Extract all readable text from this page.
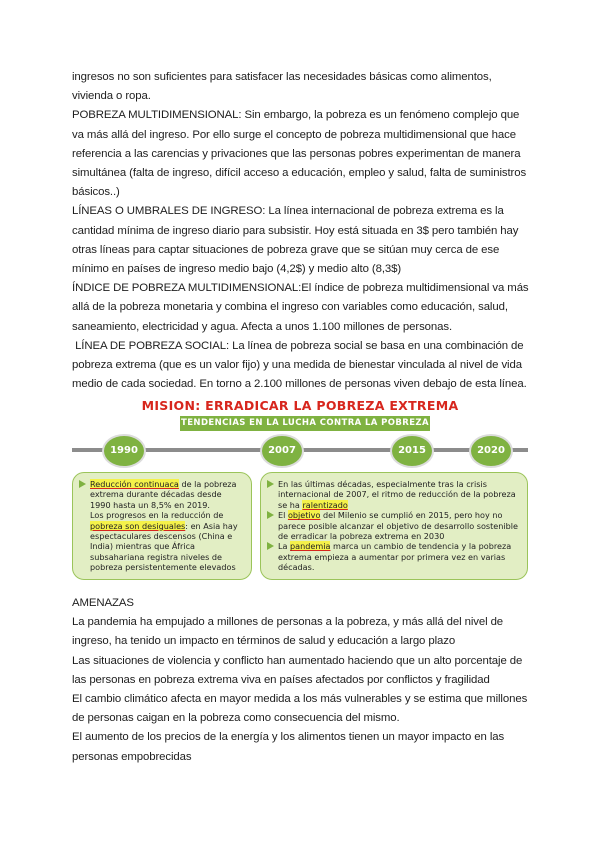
ingresos no son suficientes para satisfacer las necesidades básicas como alimentos,

vivienda o ropa.

POBREZA MULTIDIMENSIONAL: Sin embargo, la pobreza es un fenómeno complejo que

va más allá del ingreso. Por ello surge el concepto de pobreza multidimensional que hace

referencia a las carencias y privaciones que las personas pobres experimentan de manera

simultánea (falta de ingreso, difícil acceso a educación, empleo y salud, falta de suministros

básicos..)

LÍNEAS O UMBRALES DE INGRESO: La línea internacional de pobreza extrema es la

cantidad mínima de ingreso diario para subsistir. Hoy está situada en 3$ pero también hay

otras líneas para captar situaciones de pobreza grave que se sitúan muy cerca de ese

mínimo en países de ingreso medio bajo (4,2$) y medio alto (8,3$)

ÍNDICE DE POBREZA MULTIDIMENSIONAL:El índice de pobreza multidimensional va más

allá de la pobreza monetaria y combina el ingreso con variables como educación, salud,

saneamiento, electricidad y agua. Afecta a unos 1.100 millones de personas.

LÍNEA DE POBREZA SOCIAL: La línea de pobreza social se basa en una combinación de

pobreza extrema (que es un valor fijo) y una medida de bienestar vinculada al nivel de vida

medio de cada sociedad. En torno a 2.100 millones de personas viven debajo de esta línea.

MISION: ERRADICAR LA POBREZA EXTREMA
TENDENCIAS EN LA LUCHA CONTRA LA POBREZA
1990	2007	2015	2020

Reducción continuaca de la pobreza extrema durante décadas desde 1990 hasta un 8,5% en 2019.

Los progresos en la reducción de pobreza son desiguales: en Asia hay espectaculares descensos (China e India) mientras que África subsahariana registra niveles de pobreza persistentemente elevados

En las últimas décadas, especialmente tras la crisis internacional de 2007, el ritmo de reducción de la pobreza se ha ralentizado

El objetivo del Milenio se cumplió en 2015, pero hoy no parece posible alcanzar el objetivo de desarrollo sostenible de erradicar la pobreza extrema en 2030

La pandemia marca un cambio de tendencia y la pobreza extrema empieza a aumentar por primera vez en varias décadas.

AMENAZAS

La pandemia ha empujado a millones de personas a la pobreza, y más allá del nivel de

ingreso, ha tenido un impacto en términos de salud y educación a largo plazo

Las situaciones de violencia y conflicto han aumentado haciendo que un alto porcentaje de

las personas en pobreza extrema viva en países afectados por conflictos y fragilidad

El cambio climático afecta en mayor medida a los más vulnerables y se estima que millones

de personas caigan en la pobreza como consecuencia del mismo.

El aumento de los precios de la energía y los alimentos tienen un mayor impacto en las

personas empobrecidas
